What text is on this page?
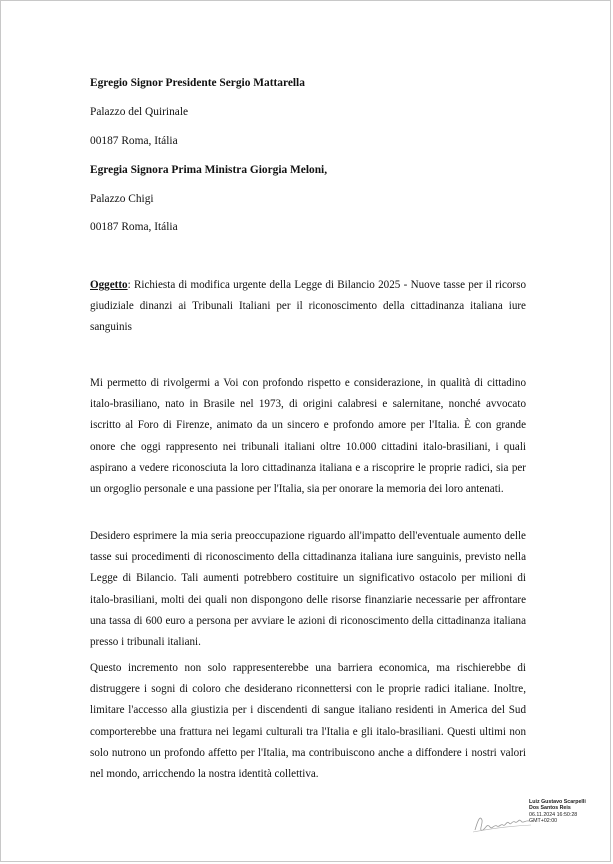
Egregio Signor Presidente Sergio Mattarella
Palazzo del Quirinale
00187 Roma, Itália
Egregia Signora Prima Ministra Giorgia Meloni,
Palazzo Chigi
00187 Roma, Itália
Oggetto: Richiesta di modifica urgente della Legge di Bilancio 2025 - Nuove tasse per il ricorso giudiziale dinanzi ai Tribunali Italiani per il riconoscimento della cittadinanza italiana iure sanguinis
Mi permetto di rivolgermi a Voi con profondo rispetto e considerazione, in qualità di cittadino italo-brasiliano, nato in Brasile nel 1973, di origini calabresi e salernitane, nonché avvocato iscritto al Foro di Firenze, animato da un sincero e profondo amore per l'Italia. È con grande onore che oggi rappresento nei tribunali italiani oltre 10.000 cittadini italo-brasiliani, i quali aspirano a vedere riconosciuta la loro cittadinanza italiana e a riscoprire le proprie radici, sia per un orgoglio personale e una passione per l'Italia, sia per onorare la memoria dei loro antenati.
Desidero esprimere la mia seria preoccupazione riguardo all'impatto dell'eventuale aumento delle tasse sui procedimenti di riconoscimento della cittadinanza italiana iure sanguinis, previsto nella Legge di Bilancio. Tali aumenti potrebbero costituire un significativo ostacolo per milioni di italo-brasiliani, molti dei quali non dispongono delle risorse finanziarie necessarie per affrontare una tassa di 600 euro a persona per avviare le azioni di riconoscimento della cittadinanza italiana presso i tribunali italiani.
Questo incremento non solo rappresenterebbe una barriera economica, ma rischierebbe di distruggere i sogni di coloro che desiderano riconnettersi con le proprie radici italiane. Inoltre, limitare l'accesso alla giustizia per i discendenti di sangue italiano residenti in America del Sud comporterebbe una frattura nei legami culturali tra l'Italia e gli italo-brasiliani. Questi ultimi non solo nutrono un profondo affetto per l'Italia, ma contribuiscono anche a diffondere i nostri valori nel mondo, arricchendo la nostra identità collettiva.
Luiz Gustavo Scarpelli
Dos Santos Reis
06.11.2024 16:50:28
GMT+02:00
